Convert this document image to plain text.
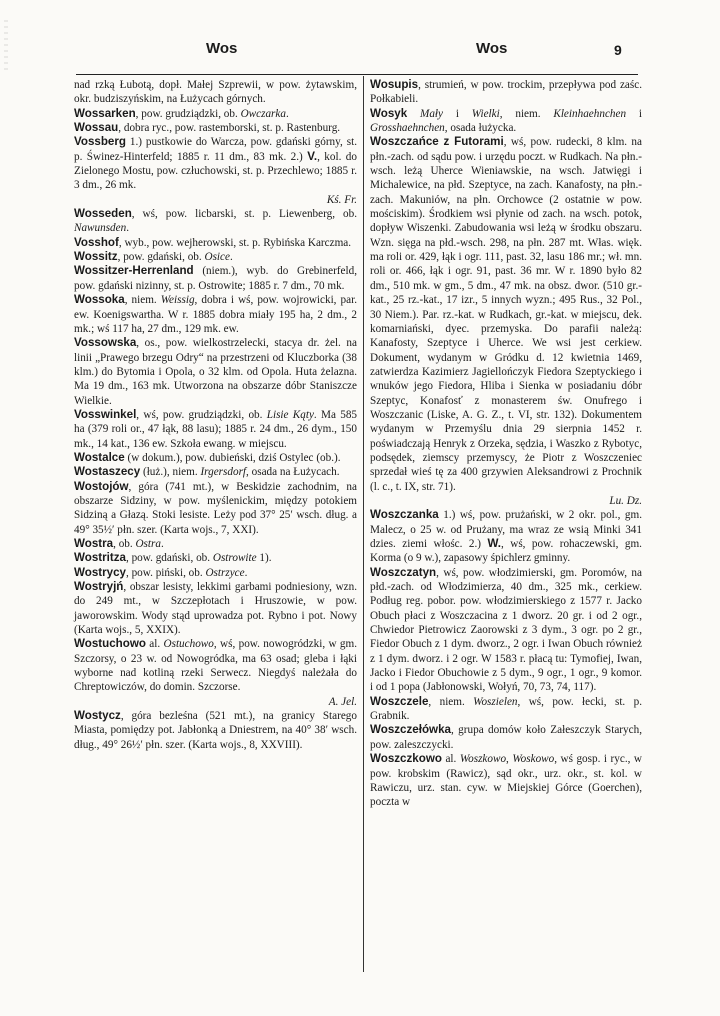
Wos	Wos	9

nad rzką Łubotą, dopł. Małej Szprewii, w pow. żytawskim, okr. budziszyńskim, na Łużycach górnych.

Wossarken, pow. grudziądzki, ob. Owczarka.

Wossau, dobra ryc., pow. rastemborski, st. p. Rastenburg.

Vossberg 1.) pustkowie do Warcza, pow. gdański górny, st. p. Świnez-Hinterfeld; 1885 r. 11 dm., 83 mk. 2.) V., kol. do Zielonego Mostu, pow. człuchowski, st. p. Przechlewo; 1885 r. 3 dm., 26 mk.
Kś. Fr.

Wosseden, wś, pow. licbarski, st. p. Liewenberg, ob. Nawunsden.

Vosshof, wyb., pow. wejherowski, st. p. Rybińska Karczma.

Wossitz, pow. gdański, ob. Osice.

Wossitzer-Herrenland (niem.), wyb. do Grebinerfeld, pow. gdański nizinny, st. p. Ostrowite; 1885 r. 7 dm., 70 mk.

Wossoka, niem. Weissig, dobra i wś, pow. wojrowicki, par. ew. Koenigswartha. W r. 1885 dobra miały 195 ha, 2 dm., 2 mk.; wś 117 ha, 27 dm., 129 mk. ew.

Vossowska, os., pow. wielkostrzelecki, stacya dr. żel. na linii „Prawego brzegu Odry“ na przestrzeni od Kluczborka (38 klm.) do Bytomia i Opola, o 32 klm. od Opola. Huta żelazna. Ma 19 dm., 163 mk. Utworzona na obszarze dóbr Staniszcze Wielkie.

Vosswinkel, wś, pow. grudziądzki, ob. Lisie Kąty. Ma 585 ha (379 roli or., 47 łąk, 88 lasu); 1885 r. 24 dm., 26 dym., 150 mk., 14 kat., 136 ew. Szkoła ewang. w miejscu.

Wostalce (w dokum.), pow. dubieński, dziś Ostylec (ob.).

Wostaszecy (łuż.), niem. Irgersdorf, osada na Łużycach.

Wostojów, góra (741 mt.), w Beskidzie zachodnim, na obszarze Sidziny, w pow. myślenickim, między potokiem Sidziną a Głazą. Stoki lesiste. Leży pod 37° 25′ wsch. dług. a 49° 35½′ płn. szer. (Karta wojs., 7, XXI).

Wostra, ob. Ostra.

Wostritza, pow. gdański, ob. Ostrowite 1).

Wostrycy, pow. piński, ob. Ostrzyce.

Wostryjń, obszar lesisty, lekkimi garbami podniesiony, wzn. do 249 mt., w Szczepłotach i Hruszowie, w pow. jaworowskim. Wody stąd uprowadza pot. Rybno i pot. Nowy (Karta wojs., 5, XXIX).

Wostuchowo al. Ostuchowo, wś, pow. nowogródzki, w gm. Szczorsy, o 23 w. od Nowogródka, ma 63 osad; gleba i łąki wyborne nad kotliną rzeki Serwecz. Niegdyś należała do Chreptowiczów, do domin. Szczorse.
A. Jel.

Wostycz, góra bezleśna (521 mt.), na granicy Starego Miasta, pomiędzy pot. Jabłonką a Dniestrem, na 40° 38′ wsch. dług., 49° 26½′ płn. szer. (Karta wojs., 8, XXVIII).

Wosupis, strumień, w pow. trockim, przepływa pod zaśc. Połkabieli.

Wosyk Mały i Wielki, niem. Kleinhaehnchen i Grosshaehnchen, osada łużycka.

Woszczańce z Futorami, wś, pow. rudecki, 8 klm. na płn.-zach. od sądu pow. i urzędu poczt. w Rudkach. Na płn.-wsch. leżą Uherce Wieniawskie, na wsch. Jatwięgi i Michalewice, na płd. Szeptyce, na zach. Kanafosty, na płn.-zach. Makuniów, na płn. Orchowce (2 ostatnie w pow. mościskim). Środkiem wsi płynie od zach. na wsch. potok, dopływ Wiszenki. Zabudowania wsi leżą w środku obszaru. Wzn. sięga na płd.-wsch. 298, na płn. 287 mt. Włas. więk. ma roli or. 429, łąk i ogr. 111, past. 32, lasu 186 mr.; wł. mn. roli or. 466, łąk i ogr. 91, past. 36 mr. W r. 1890 było 82 dm., 510 mk. w gm., 5 dm., 47 mk. na obsz. dwor. (510 gr.-kat., 25 rz.-kat., 17 izr., 5 innych wyzn.; 495 Rus., 32 Pol., 30 Niem.). Par. rz.-kat. w Rudkach, gr.-kat. w miejscu, dek. komarniański, dyec. przemyska. Do parafii należą: Kanafosty, Szeptyce i Uherce. We wsi jest cerkiew. Dokument, wydanym w Gródku d. 12 kwietnia 1469, zatwierdza Kazimierz Jagiellończyk Fiedora Szeptyckiego i wnuków jego Fiedora, Hliba i Sienka w posiadaniu dóbr Szeptyc, Konafosť z monasterem św. Onufrego i Woszczanic (Liske, A. G. Z., t. VI, str. 132). Dokumentem wydanym w Przemyślu dnia 29 sierpnia 1452 r. poświadczają Henryk z Orzeka, sędzia, i Waszko z Rybotyc, podsędek, ziemscy przemyscy, że Piotr z Woszczeniec sprzedał wieś tę za 400 grzywien Aleksandrowi z Prochnik (l. c., t. IX, str. 71).
Lu. Dz.

Woszczanka 1.) wś, pow. prużański, w 2 okr. pol., gm. Malecz, o 25 w. od Prużany, ma wraz ze wsią Minki 341 dzies. ziemi włośc. 2.) W., wś, pow. rohaczewski, gm. Korma (o 9 w.), zapasowy śpichlerz gminny.

Woszczatyn, wś, pow. włodzimierski, gm. Poromów, na płd.-zach. od Włodzimierza, 40 dm., 325 mk., cerkiew. Podług reg. pobor. pow. włodzimierskiego z 1577 r. Jacko Obuch płaci z Woszczacina z 1 dworz. 20 gr. i od 2 ogr., Chwiedor Pietrowicz Zaorowski z 3 dym., 3 ogr. po 2 gr., Fiedor Obuch z 1 dym. dworz., 2 ogr. i Iwan Obuch również z 1 dym. dworz. i 2 ogr. W 1583 r. płacą tu: Tymofiej, Iwan, Jacko i Fiedor Obuchowie z 5 dym., 9 ogr., 1 ogr., 9 komor. i od 1 popa (Jabłonowski, Wołyń, 70, 73, 74, 117).

Woszczele, niem. Woszielen, wś, pow. łecki, st. p. Grabnik.

Woszczełówka, grupa domów koło Załeszczyk Starych, pow. zaleszczycki.

Woszczkowo al. Woszkowo, Woskowo, wś gosp. i ryc., w pow. krobskim (Rawicz), sąd okr., urz. okr., st. kol. w Rawiczu, urz. stan. cyw. w Miejskiej Górce (Goerchen), poczta w
